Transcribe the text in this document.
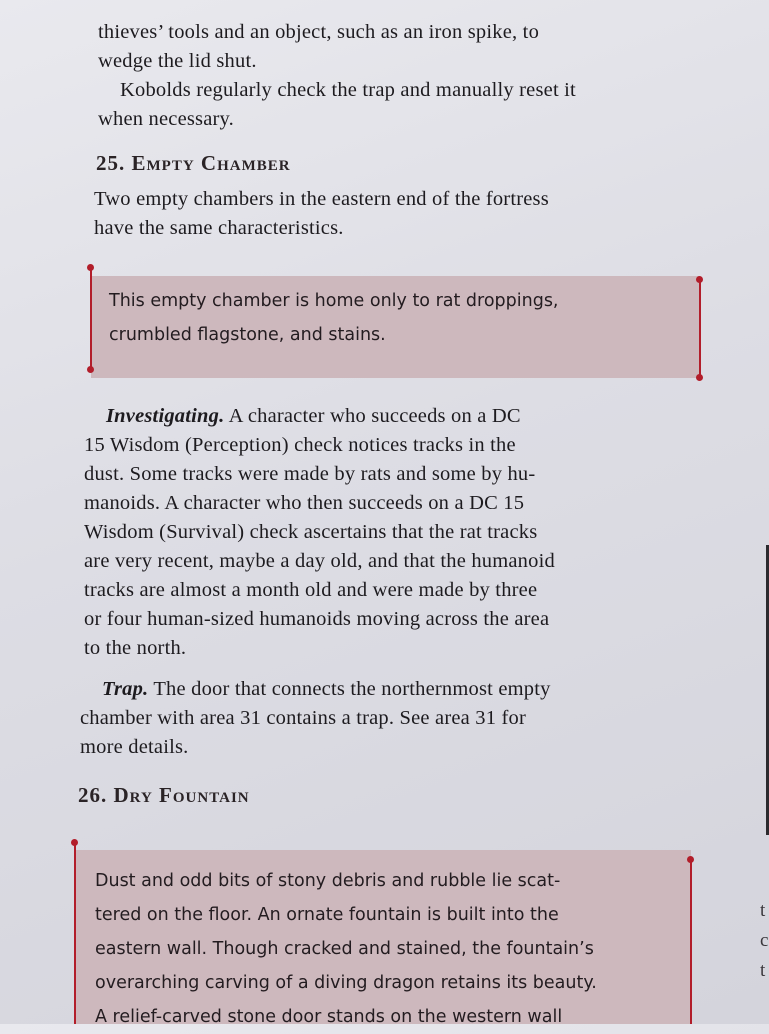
thieves’ tools and an object, such as an iron spike, to
wedge the lid shut.
Kobolds regularly check the trap and manually reset it
when necessary.

25. Empty Chamber

Two empty chambers in the eastern end of the fortress
have the same characteristics.

This empty chamber is home only to rat droppings,
crumbled flagstone, and stains.

Investigating. A character who succeeds on a DC
15 Wisdom (Perception) check notices tracks in the
dust. Some tracks were made by rats and some by hu-
manoids. A character who then succeeds on a DC 15
Wisdom (Survival) check ascertains that the rat tracks
are very recent, maybe a day old, and that the humanoid
tracks are almost a month old and were made by three
or four human-sized humanoids moving across the area
to the north.

Trap. The door that connects the northernmost empty
chamber with area 31 contains a trap. See area 31 for
more details.

26. Dry Fountain
Dust and odd bits of stony debris and rubble lie scat-
tered on the floor. An ornate fountain is built into the
eastern wall. Though cracked and stained, the fountain’s
overarching carving of a diving dragon retains its beauty.
A relief-carved stone door stands on the western wall
t
c
t
